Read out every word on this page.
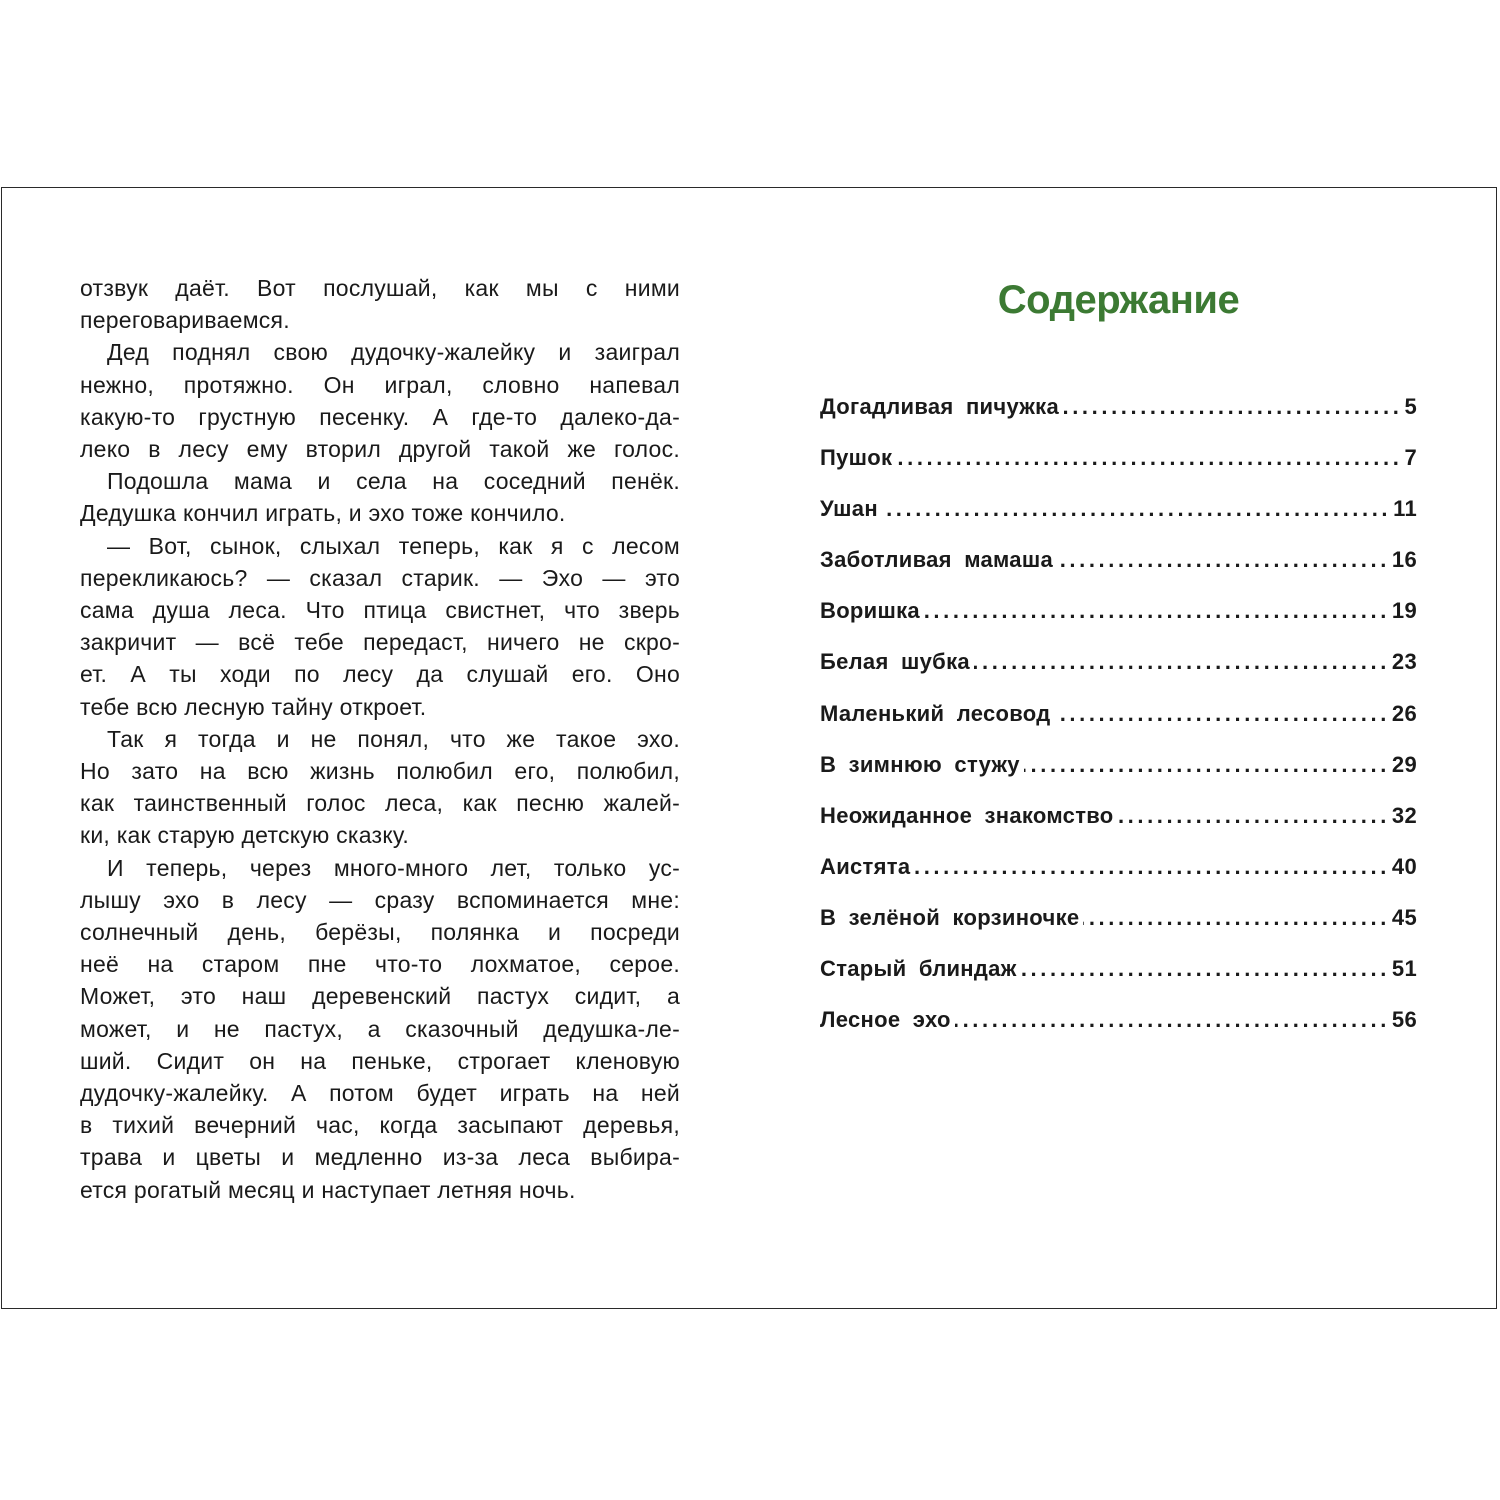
отзвук даёт. Вот послушай, как мы с ними

переговариваемся.

Дед поднял свою дудочку-жалейку и заиграл

нежно, протяжно. Он играл, словно напевал

какую-то грустную песенку. А где-то далеко-да-

леко в лесу ему вторил другой такой же голос.

Подошла мама и села на соседний пенёк.

Дедушка кончил играть, и эхо тоже кончило.

— Вот, сынок, слыхал теперь, как я с лесом

перекликаюсь? — сказал старик. — Эхо — это

сама душа леса. Что птица свистнет, что зверь

закричит — всё тебе передаст, ничего не скро-

ет. А ты ходи по лесу да слушай его. Оно

тебе всю лесную тайну откроет.

Так я тогда и не понял, что же такое эхо.

Но зато на всю жизнь полюбил его, полюбил,

как таинственный голос леса, как песню жалей-

ки, как старую детскую сказку.

И теперь, через много-много лет, только ус-

лышу эхо в лесу — сразу вспоминается мне:

солнечный день, берёзы, полянка и посреди

неё на старом пне что-то лохматое, серое.

Может, это наш деревенский пастух сидит, а

может, и не пастух, а сказочный дедушка-ле-

ший. Сидит он на пеньке, строгает кленовую

дудочку-жалейку. А потом будет играть на ней

в тихий вечерний час, когда засыпают деревья,

трава и цветы и медленно из-за леса выбира-

ется рогатый месяц и наступает летняя ночь.

Содержание
Догадливая пичужка .....	5
Пушок .....	7
Ушан .....	11
Заботливая мамаша .....	16
Воришка .....	19
Белая шубка .....	23
Маленький лесовод .....	26
В зимнюю стужу .....	29
Неожиданное знакомство .....	32
Аистята .....	40
В зелёной корзиночке .....	45
Старый блиндаж .....	51
Лесное эхо .....	56
